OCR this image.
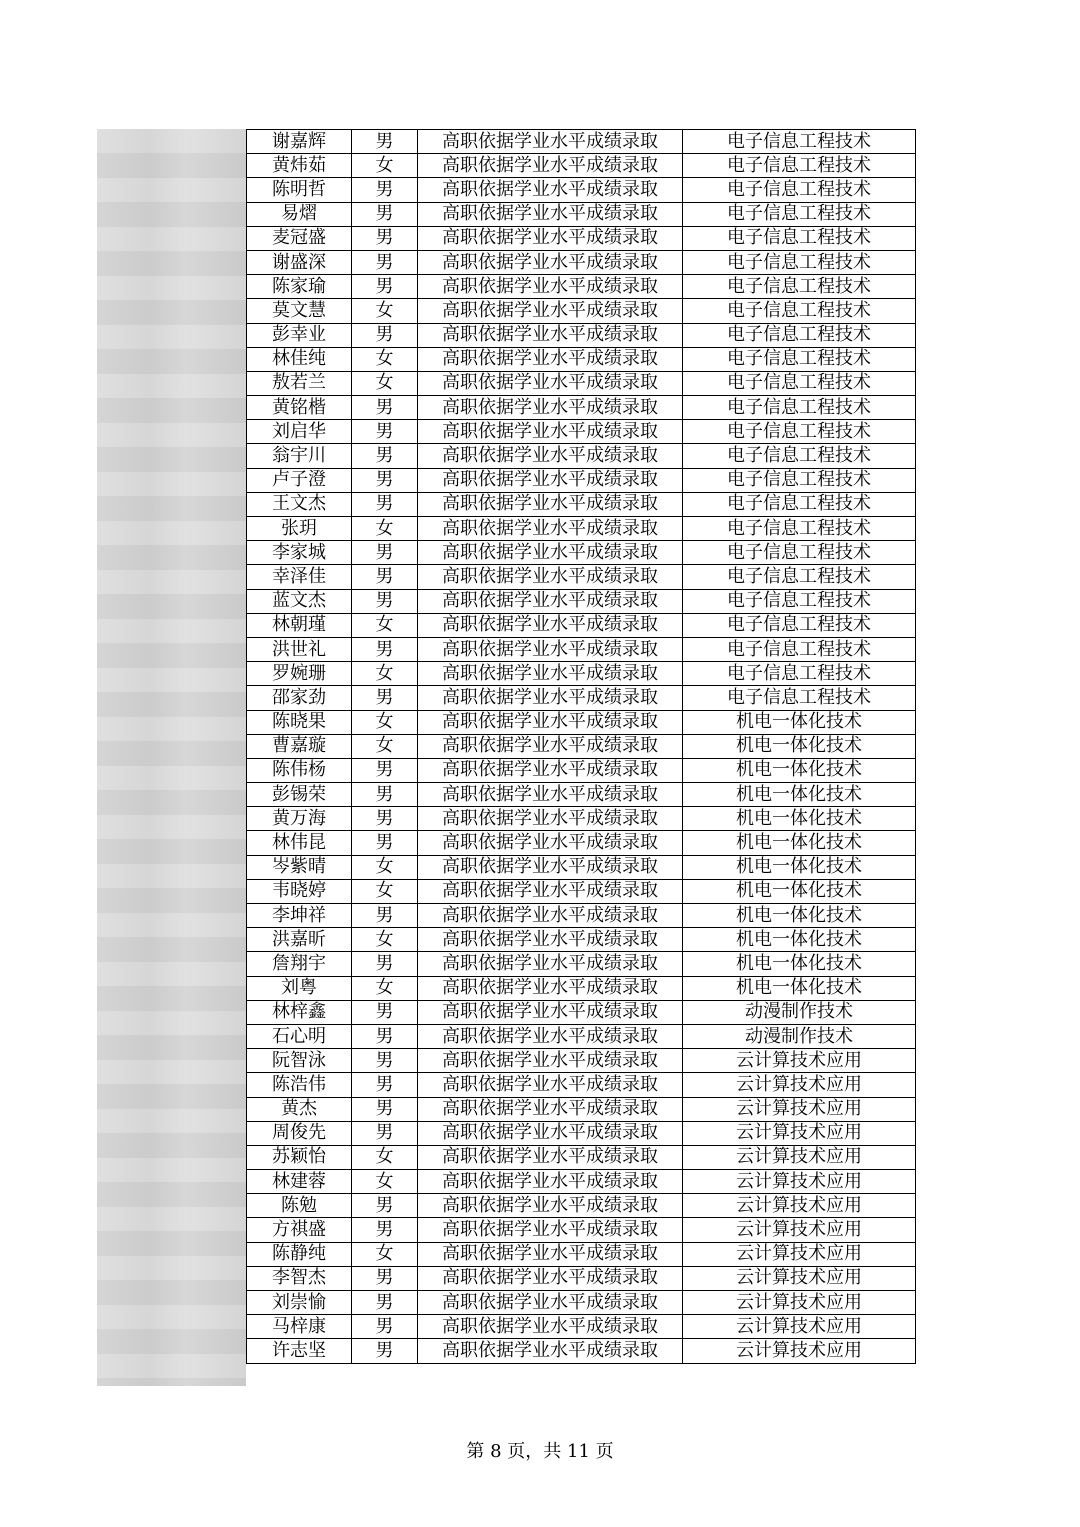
谢嘉辉	男	高职依据学业水平成绩录取	电子信息工程技术
黄炜茹	女	高职依据学业水平成绩录取	电子信息工程技术
陈明哲	男	高职依据学业水平成绩录取	电子信息工程技术
易熠	男	高职依据学业水平成绩录取	电子信息工程技术
麦冠盛	男	高职依据学业水平成绩录取	电子信息工程技术
谢盛深	男	高职依据学业水平成绩录取	电子信息工程技术
陈家瑜	男	高职依据学业水平成绩录取	电子信息工程技术
莫文慧	女	高职依据学业水平成绩录取	电子信息工程技术
彭幸业	男	高职依据学业水平成绩录取	电子信息工程技术
林佳纯	女	高职依据学业水平成绩录取	电子信息工程技术
敖若兰	女	高职依据学业水平成绩录取	电子信息工程技术
黄铭楷	男	高职依据学业水平成绩录取	电子信息工程技术
刘启华	男	高职依据学业水平成绩录取	电子信息工程技术
翁宇川	男	高职依据学业水平成绩录取	电子信息工程技术
卢子澄	男	高职依据学业水平成绩录取	电子信息工程技术
王文杰	男	高职依据学业水平成绩录取	电子信息工程技术
张玥	女	高职依据学业水平成绩录取	电子信息工程技术
李家城	男	高职依据学业水平成绩录取	电子信息工程技术
幸泽佳	男	高职依据学业水平成绩录取	电子信息工程技术
蓝文杰	男	高职依据学业水平成绩录取	电子信息工程技术
林朝瑾	女	高职依据学业水平成绩录取	电子信息工程技术
洪世礼	男	高职依据学业水平成绩录取	电子信息工程技术
罗婉珊	女	高职依据学业水平成绩录取	电子信息工程技术
邵家劲	男	高职依据学业水平成绩录取	电子信息工程技术
陈晓果	女	高职依据学业水平成绩录取	机电一体化技术
曹嘉璇	女	高职依据学业水平成绩录取	机电一体化技术
陈伟杨	男	高职依据学业水平成绩录取	机电一体化技术
彭锡荣	男	高职依据学业水平成绩录取	机电一体化技术
黄万海	男	高职依据学业水平成绩录取	机电一体化技术
林伟昆	男	高职依据学业水平成绩录取	机电一体化技术
岑紫晴	女	高职依据学业水平成绩录取	机电一体化技术
韦晓婷	女	高职依据学业水平成绩录取	机电一体化技术
李坤祥	男	高职依据学业水平成绩录取	机电一体化技术
洪嘉昕	女	高职依据学业水平成绩录取	机电一体化技术
詹翔宇	男	高职依据学业水平成绩录取	机电一体化技术
刘粤	女	高职依据学业水平成绩录取	机电一体化技术
林梓鑫	男	高职依据学业水平成绩录取	动漫制作技术
石心明	男	高职依据学业水平成绩录取	动漫制作技术
阮智泳	男	高职依据学业水平成绩录取	云计算技术应用
陈浩伟	男	高职依据学业水平成绩录取	云计算技术应用
黄杰	男	高职依据学业水平成绩录取	云计算技术应用
周俊先	男	高职依据学业水平成绩录取	云计算技术应用
苏颖怡	女	高职依据学业水平成绩录取	云计算技术应用
林建蓉	女	高职依据学业水平成绩录取	云计算技术应用
陈勉	男	高职依据学业水平成绩录取	云计算技术应用
方祺盛	男	高职依据学业水平成绩录取	云计算技术应用
陈静纯	女	高职依据学业水平成绩录取	云计算技术应用
李智杰	男	高职依据学业水平成绩录取	云计算技术应用
刘崇愉	男	高职依据学业水平成绩录取	云计算技术应用
马梓康	男	高职依据学业水平成绩录取	云计算技术应用
许志坚	男	高职依据学业水平成绩录取	云计算技术应用
第 8 页，共 11 页
